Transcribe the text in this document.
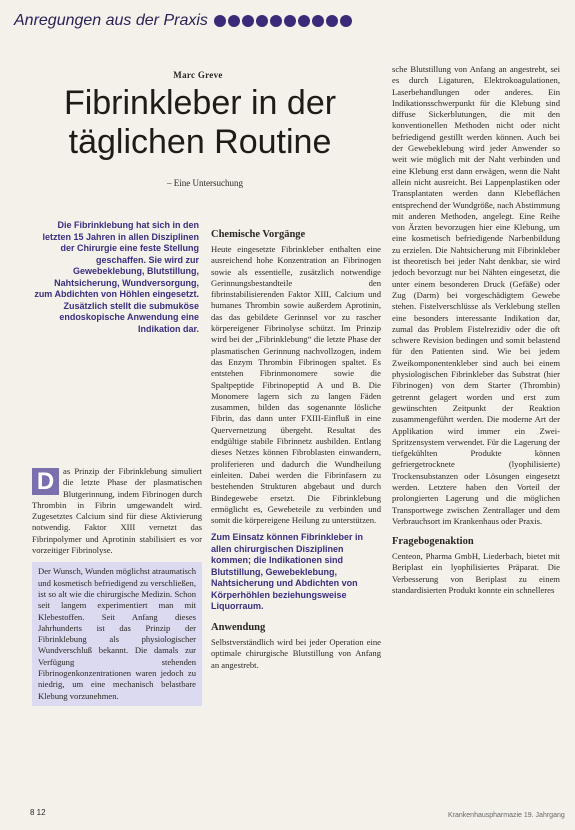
Anregungen aus der Praxis
Marc Greve
Fibrinkleber in der täglichen Routine
– Eine Untersuchung

Die Fibrinklebung hat sich in den letzten 15 Jahren in allen Disziplinen der Chirurgie eine feste Stellung geschaffen. Sie wird zur Gewebeklebung, Blutstillung, Nahtsicherung, Wundversorgung, zum Abdichten von Höhlen eingesetzt. Zusätzlich stellt die submuköse endoskopische Anwendung eine Indikation dar.

D	as Prinzip der Fibrinklebung simuliert die letzte Phase der plasmatischen Blutgerinnung, indem Fibrinogen durch Thrombin in Fibrin umgewandelt wird. Zugesetztes Calcium sind für diese Aktivierung notwendig. Faktor XIII vernetzt das Fibrinpolymer und Aprotinin stabilisiert es vor vorzeitiger Fibrinolyse.

Der Wunsch, Wunden möglichst atraumatisch und kosmetisch befriedigend zu verschließen, ist so alt wie die chirurgische Medizin. Schon seit langem experimentiert man mit Klebestoffen. Seit Anfang dieses Jahrhunderts ist das Prinzip der Fibrinklebung als physiologischer Wundverschluß bekannt. Die damals zur Verfügung stehenden Fibrinogenkonzentrationen waren jedoch zu niedrig, um eine mechanisch belastbare Klebung vorzunehmen.
Chemische Vorgänge

Heute eingesetzte Fibrinkleber enthalten eine ausreichend hohe Konzentration an Fibrinogen sowie als essentielle, zusätzlich notwendige Gerinnungsbestandteile den fibrinstabilisierenden Faktor XIII, Calcium und humanes Thrombin sowie außerdem Aprotinin, das das gebildete Gerinnsel vor zu rascher körpereigener Fibrinolyse schützt. Im Prinzip wird bei der „Fibrinklebung“ die letzte Phase der plasmatischen Gerinnung nachvollzogen, indem das Enzym Thrombin Fibrinogen spaltet. Es entstehen Fibrinmonomere sowie die Spaltpeptide Fibrinopeptid A und B. Die Monomere lagern sich zu langen Fäden zusammen, bilden das sogenannte lösliche Fibrin, das dann unter FXIII-Einfluß in eine Quervernetzung übergeht. Resultat des endgültige stabile Fibrinnetz ausbilden. Entlang dieses Netzes können Fibroblasten einwandern, proliferieren und dadurch die Wundheilung einleiten. Dabei werden die Fibrinfasern zu bestehenden Strukturen abgebaut und durch Bindegewebe ersetzt. Die Fibrinklebung ermöglicht es, Gewebeteile zu verbinden und somit die körpereigene Heilung zu unterstützen.

Zum Einsatz können Fibrinkleber in allen chirurgischen Disziplinen kommen; die Indikationen sind Blutstillung, Gewebeklebung, Nahtsicherung und Abdichten von Körperhöhlen beziehungsweise Liquorraum.
Anwendung

Selbstverständlich wird bei jeder Operation eine optimale chirurgische Blutstillung von Anfang an angestrebt.

sche Blutstillung von Anfang an angestrebt, sei es durch Ligaturen, Elektrokoagulationen, Laserbehandlungen oder anderes. Ein Indikationsschwerpunkt für die Klebung sind diffuse Sickerblutungen, die mit den konventionellen Methoden nicht oder nicht befriedigend gestillt werden können. Auch bei der Gewebeklebung wird jeder Anwender so weit wie möglich mit der Naht verbinden und eine Klebung erst dann erwägen, wenn die Naht allein nicht ausreicht. Bei Lappenplastiken oder Transplantaten werden dann Klebeflächen entsprechend der Wundgröße, nach Abstimmung mit anderen Methoden, angelegt. Eine Reihe von Ärzten bevorzugen hier eine Klebung, um eine kosmetisch befriedigende Narbenbildung zu erzielen. Die Nahtsicherung mit Fibrinkleber ist theoretisch bei jeder Naht denkbar, sie wird jedoch bevorzugt nur bei Nähten eingesetzt, die unter einem besonderen Druck (Gefäße) oder Zug (Darm) bei vorgeschädigtem Gewebe stehen. Fistelverschlüsse als Verklebung stellen eine besonders interessante Indikation dar, zumal das Problem Fistelrezidiv oder die oft schwere Revision bedingen und somit belastend für den Patienten sind. Wie bei jedem Zweikomponentenkleber sind auch bei einem physiologischen Fibrinkleber das Substrat (hier Fibrinogen) von dem Starter (Thrombin) getrennt gelagert worden und erst zum gewünschten Zeitpunkt der Reaktion zusammengeführt werden. Die moderne Art der Applikation wird immer ein Zwei-Spritzensystem verwendet. Für die Lagerung der tiefgekühlten Produkte können gefriergetrocknete (lyophilisierte) Trockensubstanzen oder Lösungen eingesetzt werden. Letztere haben den Vorteil der prolongierten Lagerung und die möglichen Transportwege zwischen Zentrallager und dem Verbrauchsort im Krankenhaus oder Praxis.

Fragebogenaktion

Centeon, Pharma GmbH, Liederbach, bietet mit Beriplast ein lyophilisiertes Präparat. Die Verbesserung von Beriplast zu einem standardisierten Produkt konnte ein schnelleres

8 12	Krankenhauspharmazie 19. Jahrgang
